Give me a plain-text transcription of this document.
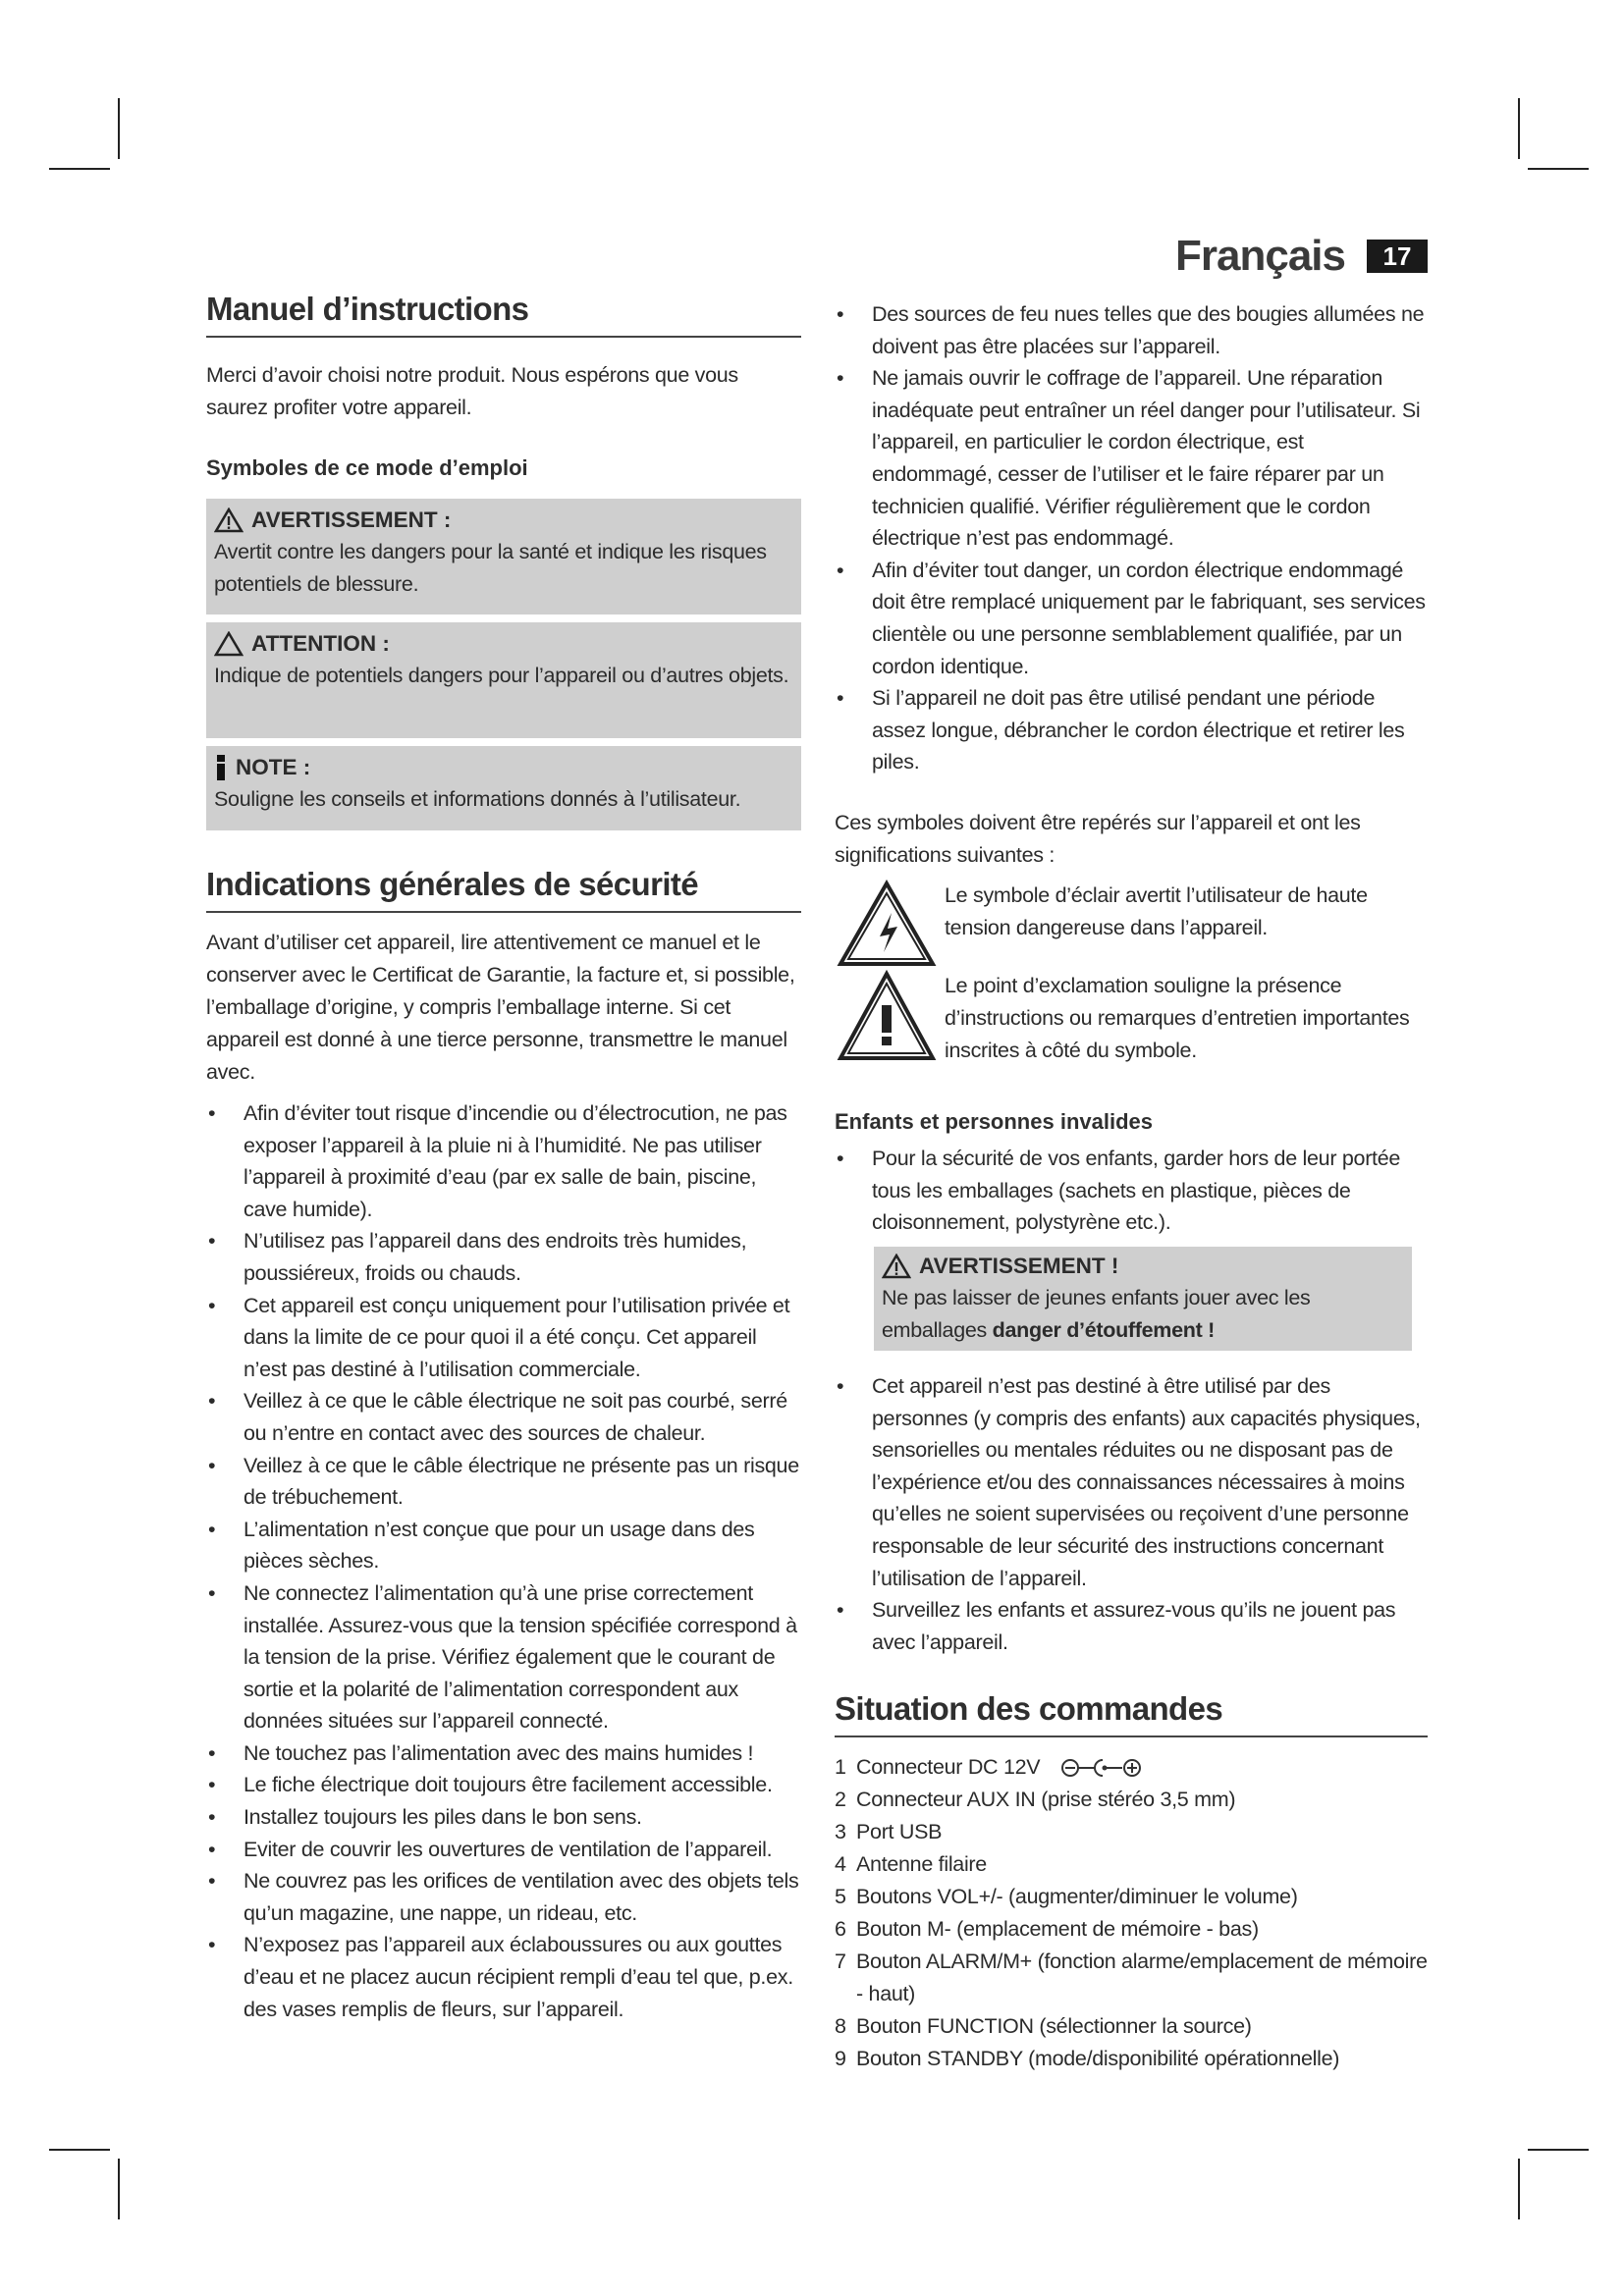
Français	17
Manuel d’instructions

Merci d’avoir choisi notre produit. Nous espérons que vous saurez profiter votre appareil.

Symboles de ce mode d’emploi
AVERTISSEMENT :
Avertit contre les dangers pour la santé et indique les risques potentiels de blessure.
ATTENTION :
Indique de potentiels dangers pour l’appareil ou d’autres objets.
NOTE :
Souligne les conseils et informations donnés à l’utilisateur.
Indications générales de sécurité

Avant d’utiliser cet appareil, lire attentivement ce manuel et le conserver avec le Certificat de Garantie, la facture et, si possible, l’emballage d’origine, y compris l’emballage interne. Si cet appareil est donné à une tierce personne, transmettre le manuel avec.

• Afin d’éviter tout risque d’incendie ou d’électrocution, ne pas exposer l’appareil à la pluie ni à l’humidité. Ne pas utiliser l’appareil à proximité d’eau (par ex salle de bain, piscine, cave humide).
• N’utilisez pas l’appareil dans des endroits très humides, poussiéreux, froids ou chauds.
• Cet appareil est conçu uniquement pour l’utilisation privée et dans la limite de ce pour quoi il a été conçu. Cet appareil n’est pas destiné à l’utilisation commerciale.
• Veillez à ce que le câble électrique ne soit pas courbé, serré ou n’entre en contact avec des sources de chaleur.
• Veillez à ce que le câble électrique ne présente pas un risque de trébuchement.
• L’alimentation n’est conçue que pour un usage dans des pièces sèches.
• Ne connectez l’alimentation qu’à une prise correctement installée. Assurez-vous que la tension spécifiée correspond à la tension de la prise. Vérifiez également que le courant de sortie et la polarité de l’alimentation correspondent aux données situées sur l’appareil connecté.
• Ne touchez pas l’alimentation avec des mains humides !
• Le fiche électrique doit toujours être facilement accessible.
• Installez toujours les piles dans le bon sens.
• Eviter de couvrir les ouvertures de ventilation de l’appareil.
• Ne couvrez pas les orifices de ventilation avec des objets tels qu’un magazine, une nappe, un rideau, etc.
• N’exposez pas l’appareil aux éclaboussures ou aux gouttes d’eau et ne placez aucun récipient rempli d’eau tel que, p.ex. des vases remplis de fleurs, sur l’appareil.
• Des sources de feu nues telles que des bougies allumées ne doivent pas être placées sur l’appareil.
• Ne jamais ouvrir le coffrage de l’appareil. Une réparation inadéquate peut entraîner un réel danger pour l’utilisateur. Si l’appareil, en particulier le cordon électrique, est endommagé, cesser de l’utiliser et le faire réparer par un technicien qualifié. Vérifier régulièrement que le cordon électrique n’est pas endommagé.
• Afin d’éviter tout danger, un cordon électrique endommagé doit être remplacé uniquement par le fabriquant, ses services clientèle ou une personne semblablement qualifiée, par un cordon identique.
• Si l’appareil ne doit pas être utilisé pendant une période assez longue, débrancher le cordon électrique et retirer les piles.

Ces symboles doivent être repérés sur l’appareil et ont les significations suivantes :

Le symbole d’éclair avertit l’utilisateur de haute tension dangereuse dans l’appareil.
Le point d’exclamation souligne la présence d’instructions ou remarques d’entretien importantes inscrites à côté du symbole.
Enfants et personnes invalides
• Pour la sécurité de vos enfants, garder hors de leur portée tous les emballages (sachets en plastique, pièces de cloisonnement, polystyrène etc.).
AVERTISSEMENT !
Ne pas laisser de jeunes enfants jouer avec les emballages danger d’étouffement !
• Cet appareil n’est pas destiné à être utilisé par des personnes (y compris des enfants) aux capacités physiques, sensorielles ou mentales réduites ou ne disposant pas de l’expérience et/ou des connaissances nécessaires à moins qu’elles ne soient supervisées ou reçoivent d’une personne responsable de leur sécurité des instructions concernant l’utilisation de l’appareil.
• Surveillez les enfants et assurez-vous qu’ils ne jouent pas avec l’appareil.
Situation des commandes
1 Connecteur DC 12V
2 Connecteur AUX IN (prise stéréo 3,5 mm)
3 Port USB
4 Antenne filaire
5 Boutons VOL+/- (augmenter/diminuer le volume)
6 Bouton M- (emplacement de mémoire - bas)
7 Bouton ALARM/M+ (fonction alarme/emplacement de mémoire - haut)
8 Bouton FUNCTION (sélectionner la source)
9 Bouton STANDBY (mode/disponibilité opérationnelle)
